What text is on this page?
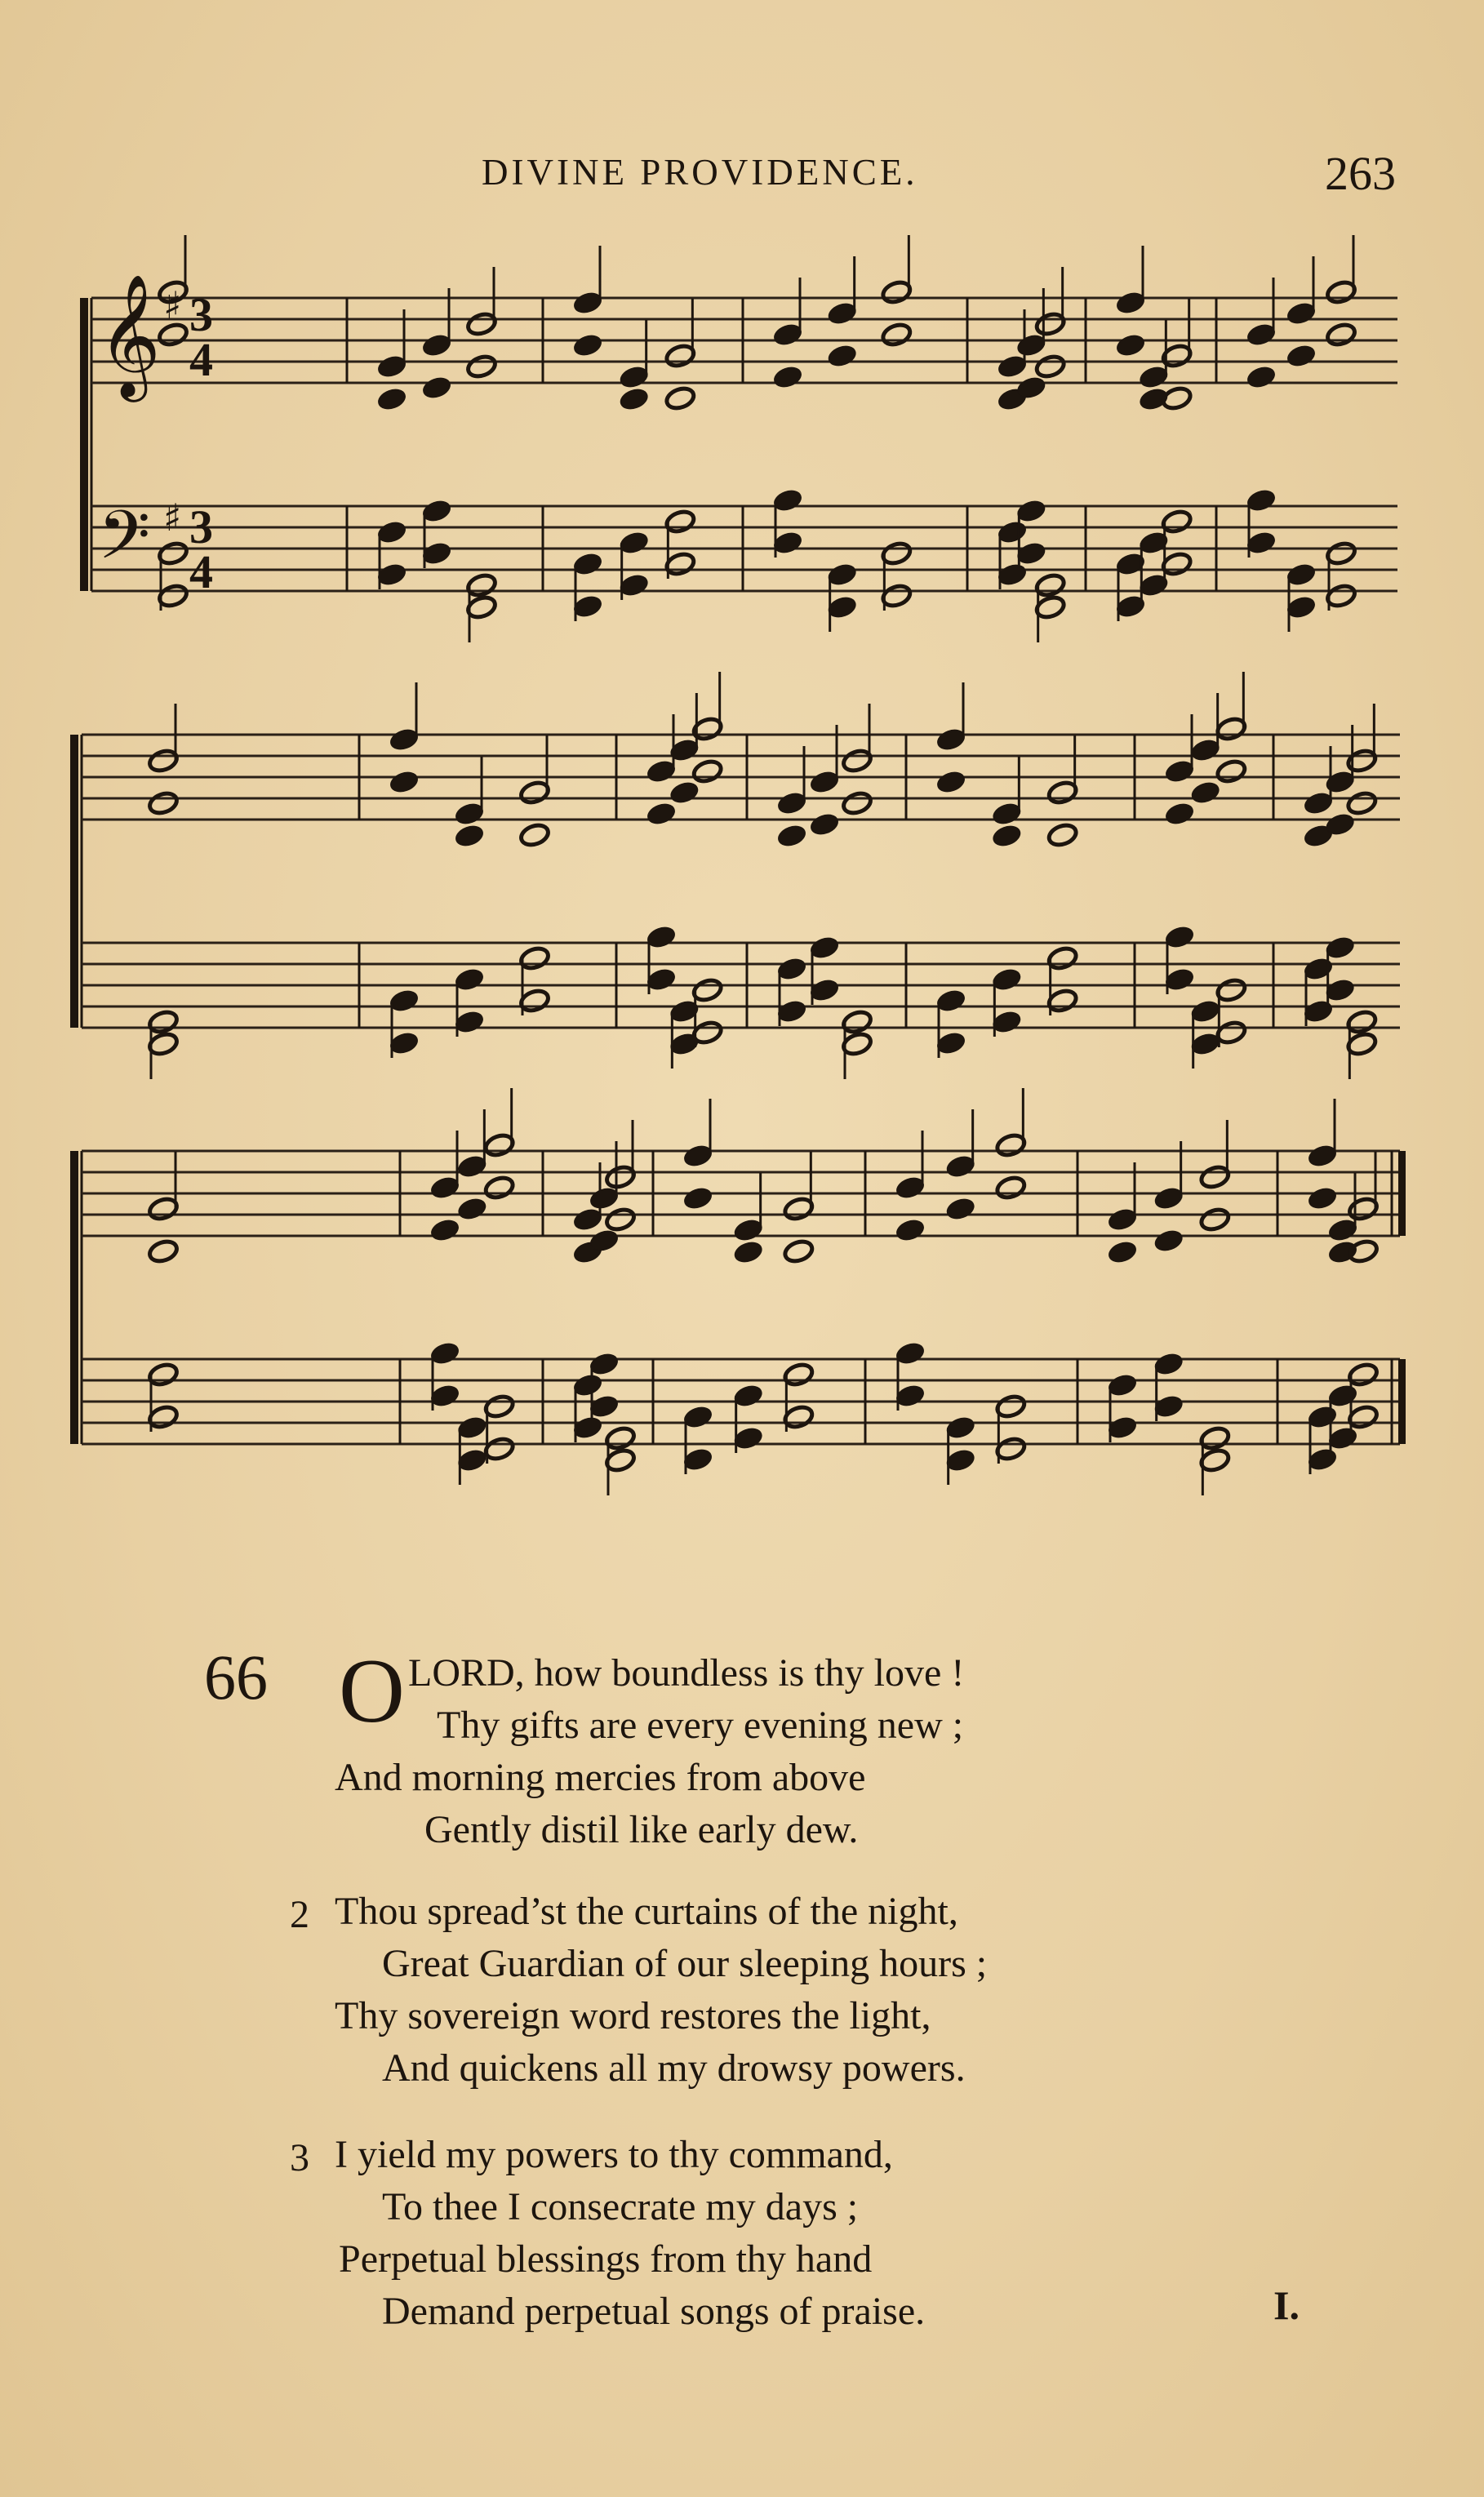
DIVINE PROVIDENCE.	263
𝄞
𝄢
♯
♯
3
4
3
4
66 O LORD, how boundless is thy love !
Thy gifts are every evening new ;
And morning mercies from above
Gently distil like early dew.
2 Thou spread’st the curtains of the night,
Great Guardian of our sleeping hours ;
Thy sovereign word restores the light,
And quickens all my drowsy powers.
3 I yield my powers to thy command,
To thee I consecrate my days ;
Perpetual blessings from thy hand
Demand perpetual songs of praise.	I.
